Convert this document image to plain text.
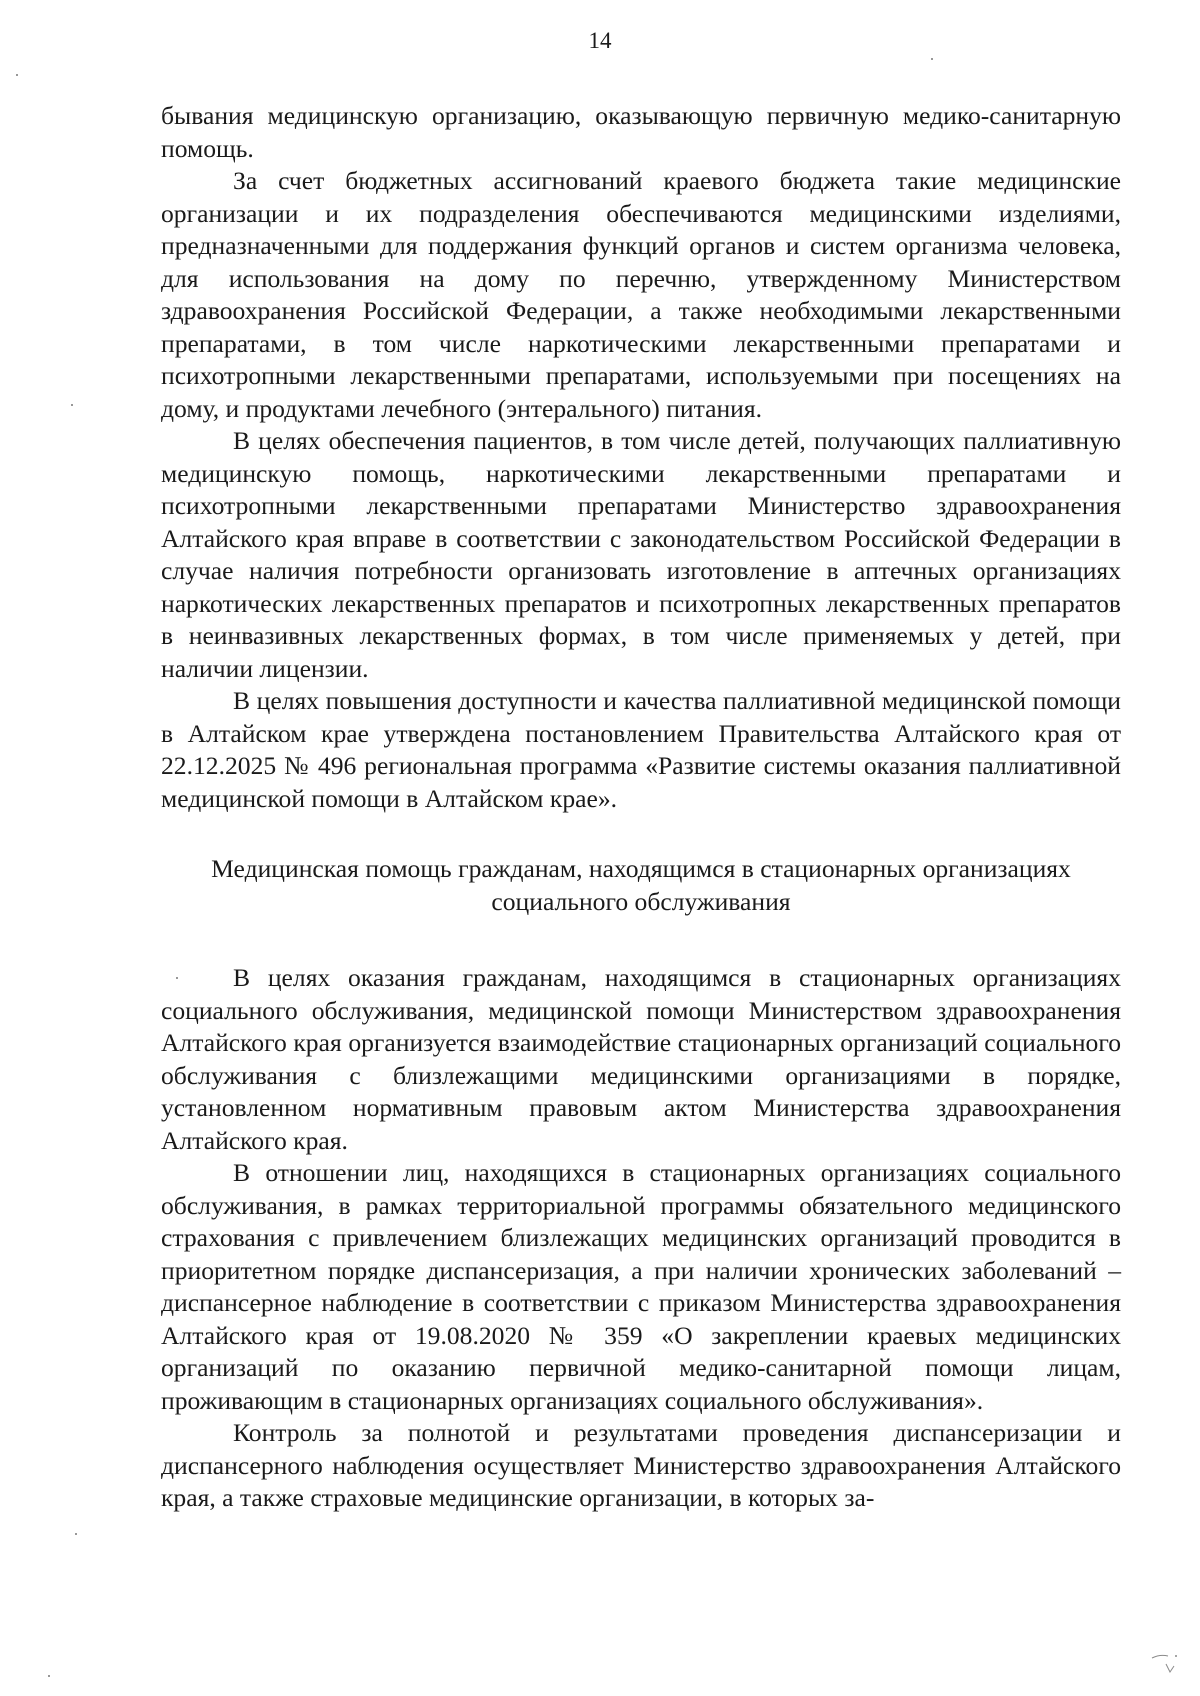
14

бывания медицинскую организацию, оказывающую первичную медико-санитарную помощь.

За счет бюджетных ассигнований краевого бюджета такие медицинские организации и их подразделения обеспечиваются медицинскими изделиями, предназначенными для поддержания функций органов и систем организма человека, для использования на дому по перечню, утвержденному Министерством здравоохранения Российской Федерации, а также необходимыми лекарственными препаратами, в том числе наркотическими лекарственными препаратами и психотропными лекарственными препаратами, используемыми при посещениях на дому, и продуктами лечебного (энтерального) питания.

В целях обеспечения пациентов, в том числе детей, получающих паллиативную медицинскую помощь, наркотическими лекарственными препаратами и психотропными лекарственными препаратами Министерство здравоохранения Алтайского края вправе в соответствии с законодательством Российской Федерации в случае наличия потребности организовать изготовление в аптечных организациях наркотических лекарственных препаратов и психотропных лекарственных препаратов в неинвазивных лекарственных формах, в том числе применяемых у детей, при наличии лицензии.

В целях повышения доступности и качества паллиативной медицинской помощи в Алтайском крае утверждена постановлением Правительства Алтайского края от 22.12.2025 № 496 региональная программа «Развитие системы оказания паллиативной медицинской помощи в Алтайском крае».

Медицинская помощь гражданам, находящимся в стационарных организациях социального обслуживания

В целях оказания гражданам, находящимся в стационарных организациях социального обслуживания, медицинской помощи Министерством здравоохранения Алтайского края организуется взаимодействие стационарных организаций социального обслуживания с близлежащими медицинскими организациями в порядке, установленном нормативным правовым актом Министерства здравоохранения Алтайского края.

В отношении лиц, находящихся в стационарных организациях социального обслуживания, в рамках территориальной программы обязательного медицинского страхования с привлечением близлежащих медицинских организаций проводится в приоритетном порядке диспансеризация, а при наличии хронических заболеваний – диспансерное наблюдение в соответствии с приказом Министерства здравоохранения Алтайского края от 19.08.2020 № 359 «О закреплении краевых медицинских организаций по оказанию первичной медико-санитарной помощи лицам, проживающим в стационарных организациях социального обслуживания».

Контроль за полнотой и результатами проведения диспансеризации и диспансерного наблюдения осуществляет Министерство здравоохранения Алтайского края, а также страховые медицинские организации, в которых за-
